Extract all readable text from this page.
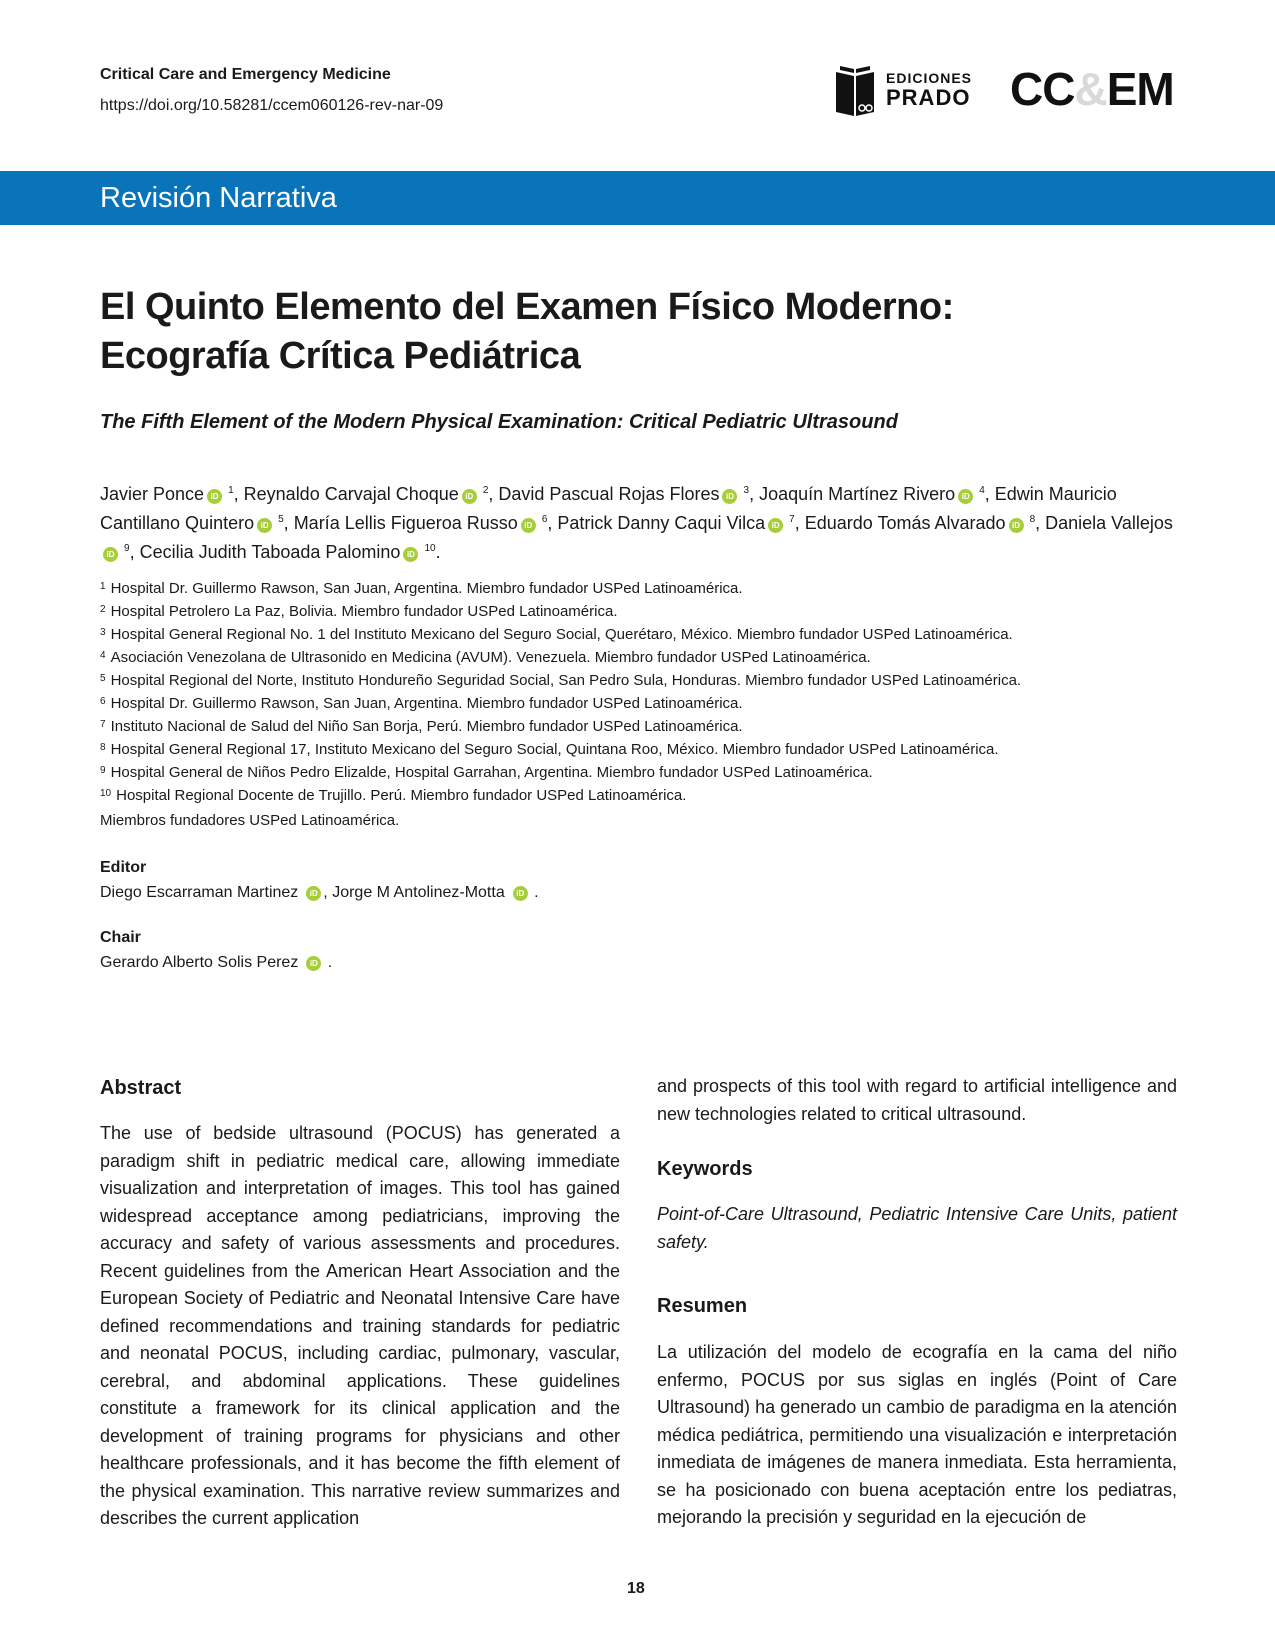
Critical Care and Emergency Medicine
https://doi.org/10.58281/ccem060126-rev-nar-09
EDICIONES
PRADO CC&EM
Revisión Narrativa
El Quinto Elemento del Examen Físico Moderno:
Ecografía Crítica Pediátrica
The Fifth Element of the Modern Physical Examination: Critical Pediatric Ultrasound
Javier Ponce iD $^1$, Reynaldo Carvajal Choque iD $^2$, David Pascual Rojas Flores iD $^3$, Joaquín Martínez Rivero iD $^4$, Edwin Mauricio Cantillano Quintero iD $^5$, María Lellis Figueroa Russo iD $^6$, Patrick Danny Caqui Vilca iD $^7$, Eduardo Tomás Alvarado iD $^8$, Daniela VallejosiD $^9$, Cecilia Judith Taboada Palomino iD $^{10}$.
$^1$ Hospital Dr. Guillermo Rawson, San Juan, Argentina. Miembro fundador USPed Latinoamérica.
$^2$ Hospital Petrolero La Paz, Bolivia. Miembro fundador USPed Latinoamérica.
$^3$ Hospital General Regional No. 1 del Instituto Mexicano del Seguro Social, Querétaro, México. Miembro fundador USPed Latinoamérica.
$^4$ Asociación Venezolana de Ultrasonido en Medicina (AVUM). Venezuela. Miembro fundador USPed Latinoamérica.
$^5$ Hospital Regional del Norte, Instituto Hondureño Seguridad Social, San Pedro Sula, Honduras. Miembro fundador USPed Latinoamérica.
$^6$ Hospital Dr. Guillermo Rawson, San Juan, Argentina. Miembro fundador USPed Latinoamérica.
$^7$ Instituto Nacional de Salud del Niño San Borja, Perú. Miembro fundador USPed Latinoamérica.
$^8$ Hospital General Regional 17, Instituto Mexicano del Seguro Social, Quintana Roo, México. Miembro fundador USPed Latinoamérica.
$^9$ Hospital General de Niños Pedro Elizalde, Hospital Garrahan, Argentina. Miembro fundador USPed Latinoamérica.
$^{10}$ Hospital Regional Docente de Trujillo. Perú. Miembro fundador USPed Latinoamérica.
Miembros fundadores USPed Latinoamérica.
Editor
Diego Escarraman Martinez iD , Jorge M Antolinez-Motta iD .
Chair
Gerardo Alberto Solis Perez iD .
Abstract
The use of bedside ultrasound (POCUS) has generated a paradigm shift in pediatric medical care, allowing immediate visualization and interpretation of images. This tool has gained widespread acceptance among pediatricians, improving the accuracy and safety of various assessments and procedures. Recent guidelines from the American Heart Association and the European Society of Pediatric and Neonatal Intensive Care have defined recommendations and training standards for pediatric and neonatal POCUS, including cardiac, pulmonary, vascular, cerebral, and abdominal applications. These guidelines constitute a framework for its clinical application and the development of training programs for physicians and other healthcare professionals, and it has become the fifth element of the physical examination. This narrative review summarizes and describes the current application
and prospects of this tool with regard to artificial intelligence and new technologies related to critical ultrasound.
Keywords
Point-of-Care Ultrasound, Pediatric Intensive Care Units, patient safety.
Resumen
La utilización del modelo de ecografía en la cama del niño enfermo, POCUS por sus siglas en inglés (Point of Care Ultrasound) ha generado un cambio de paradigma en la atención médica pediátrica, permitiendo una visualización e interpretación inmediata de imágenes de manera inmediata. Esta herramienta, se ha posicionado con buena aceptación entre los pediatras, mejorando la precisión y seguridad en la ejecución de
18
